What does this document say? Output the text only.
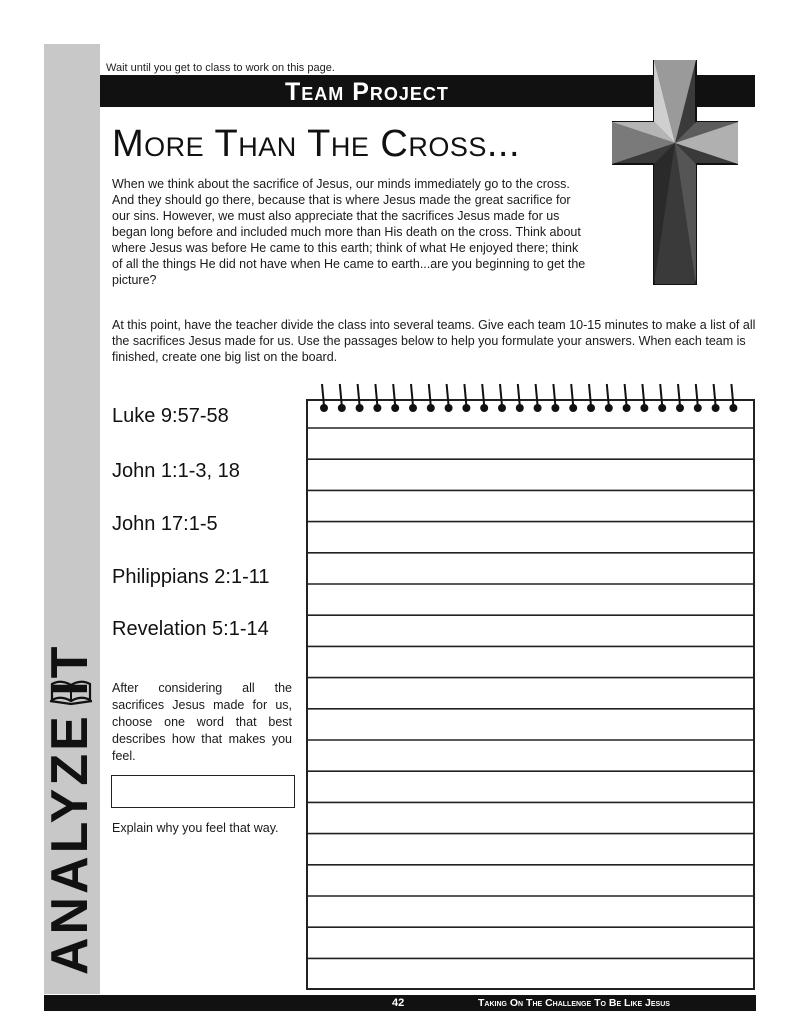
ANALYZE IT
Wait until you get to class to work on this page.
Team Project
More Than The Cross...
When we think about the sacrifice of Jesus, our minds immediately go to the cross. And they should go there, because that is where Jesus made the great sacrifice for our sins. However, we must also appreciate that the sacrifices Jesus made for us began long before and included much more than His death on the cross. Think about where Jesus was before He came to this earth; think of what He enjoyed there; think of all the things He did not have when He came to earth...are you beginning to get the picture?
At this point, have the teacher divide the class into several teams. Give each team 10-15 minutes to make a list of all the sacrifices Jesus made for us. Use the passages below to help you formulate your answers. When each team is finished, create one big list on the board.
Luke 9:57-58
John 1:1-3, 18
John 17:1-5
Philippians 2:1-11
Revelation 5:1-14
After considering all the sacrifices Jesus made for us, choose one word that best describes how that makes you feel.
Explain why you feel that way.
42	Taking On The Challenge To Be Like Jesus
